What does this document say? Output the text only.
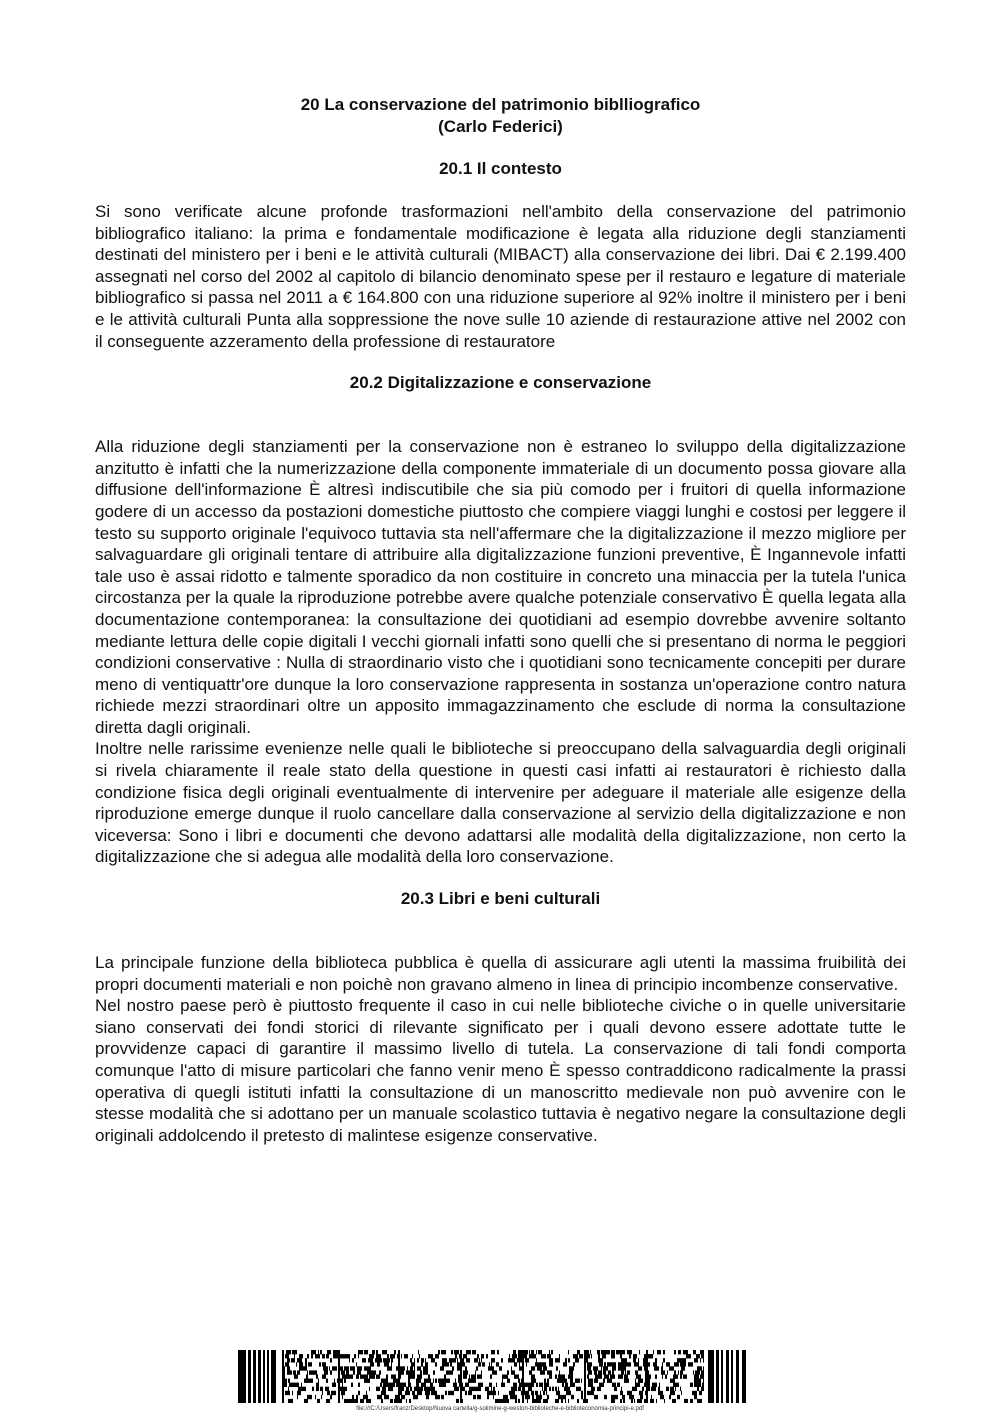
20 La conservazione del patrimonio biblliografico

(Carlo Federici)

20.1 Il contesto

Si sono verificate alcune profonde trasformazioni nell'ambito della conservazione del patrimonio bibliografico italiano: la prima e fondamentale modificazione è legata alla riduzione degli stanziamenti destinati del ministero per i beni e le attività culturali (MIBACT) alla conservazione dei libri. Dai € 2.199.400 assegnati nel corso del 2002 al capitolo di bilancio denominato spese per il restauro e legature di materiale bibliografico si passa nel 2011 a € 164.800 con una riduzione superiore al 92% inoltre il ministero per i beni e le attività culturali Punta alla soppressione the nove sulle 10 aziende di restaurazione attive nel 2002 con il conseguente azzeramento della professione di restauratore

20.2 Digitalizzazione e conservazione

Alla riduzione degli stanziamenti per la conservazione non è estraneo lo sviluppo della digitalizzazione anzitutto è infatti che la numerizzazione della componente immateriale di un documento possa giovare alla diffusione dell'informazione È altresì indiscutibile che sia più comodo per i fruitori di quella informazione godere di un accesso da postazioni domestiche piuttosto che compiere viaggi lunghi e costosi per leggere il testo su supporto originale l'equivoco tuttavia sta nell'affermare che la digitalizzazione il mezzo migliore per salvaguardare gli originali tentare di attribuire alla digitalizzazione funzioni preventive, È Ingannevole infatti tale uso è assai ridotto e talmente sporadico da non costituire in concreto una minaccia per la tutela l'unica circostanza per la quale la riproduzione potrebbe avere qualche potenziale conservativo È quella legata alla documentazione contemporanea: la consultazione dei quotidiani ad esempio dovrebbe avvenire soltanto mediante lettura delle copie digitali I vecchi giornali infatti sono quelli che si presentano di norma le peggiori condizioni conservative : Nulla di straordinario visto che i quotidiani sono tecnicamente concepiti per durare meno di ventiquattr'ore dunque la loro conservazione rappresenta in sostanza un'operazione contro natura richiede mezzi straordinari oltre un apposito immagazzinamento che esclude di norma la consultazione diretta dagli originali.

Inoltre nelle rarissime evenienze nelle quali le biblioteche si preoccupano della salvaguardia degli originali si rivela chiaramente il reale stato della questione in questi casi infatti ai restauratori è richiesto dalla condizione fisica degli originali eventualmente di intervenire per adeguare il materiale alle esigenze della riproduzione emerge dunque il ruolo cancellare dalla conservazione al servizio della digitalizzazione e non viceversa: Sono i libri e documenti che devono adattarsi alle modalità della digitalizzazione, non certo la digitalizzazione che si adegua alle modalità della loro conservazione.

20.3 Libri e beni culturali

La principale funzione della biblioteca pubblica è quella di assicurare agli utenti la massima fruibilità dei propri documenti materiali e non poichè non gravano almeno in linea di principio incombenze conservative.

Nel nostro paese però è piuttosto frequente il caso in cui nelle biblioteche civiche o in quelle universitarie siano conservati dei fondi storici di rilevante significato per i quali devono essere adottate tutte le provvidenze capaci di garantire il massimo livello di tutela. La conservazione di tali fondi comporta comunque l'atto di misure particolari che fanno venir meno È spesso contraddicono radicalmente la prassi operativa di quegli istituti infatti la consultazione di un manoscritto medievale non può avvenire con le stesse modalità che si adottano per un manuale scolastico tuttavia è negativo negare la consultazione degli originali addolcendo il pretesto di malintese esigenze conservative.

file:///C:/Users/franz/Desktop/Nuova cartella/g-solimine-g-weston-biblioteche-e-biblioteconomia-principi-e.pdf
